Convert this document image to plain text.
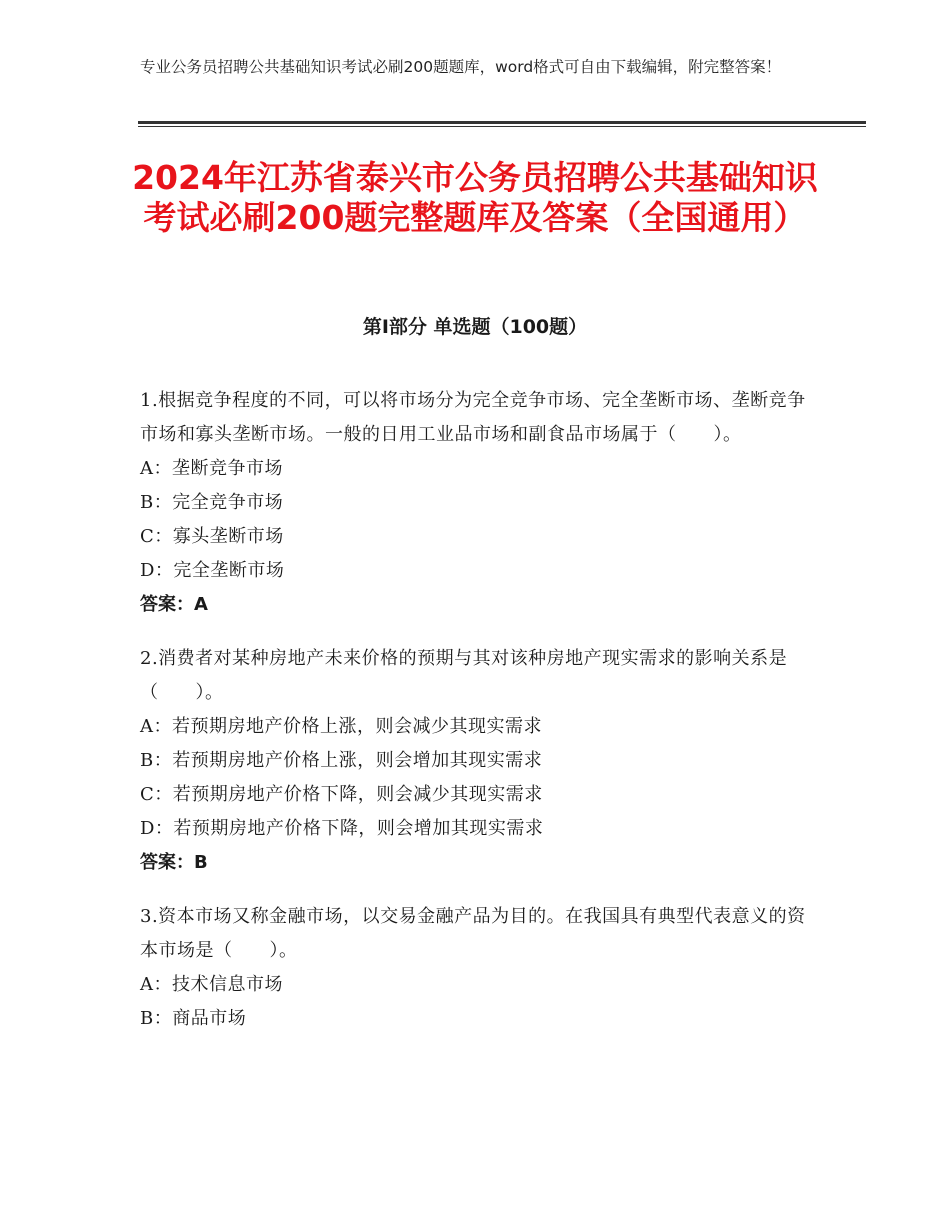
专业公务员招聘公共基础知识考试必刷200题题库，word格式可自由下载编辑，附完整答案！
2024年江苏省泰兴市公务员招聘公共基础知识考试必刷200题完整题库及答案（全国通用）
第Ⅰ部分 单选题（100题）

1.根据竞争程度的不同，可以将市场分为完全竞争市场、完全垄断市场、垄断竞争市场和寡头垄断市场。一般的日用工业品市场和副食品市场属于（　　）。

A：垄断竞争市场

B：完全竞争市场

C：寡头垄断市场

D：完全垄断市场

答案：A

2.消费者对某种房地产未来价格的预期与其对该种房地产现实需求的影响关系是（　　）。

A：若预期房地产价格上涨，则会减少其现实需求

B：若预期房地产价格上涨，则会增加其现实需求

C：若预期房地产价格下降，则会减少其现实需求

D：若预期房地产价格下降，则会增加其现实需求

答案：B

3.资本市场又称金融市场，以交易金融产品为目的。在我国具有典型代表意义的资本市场是（　　）。

A：技术信息市场

B：商品市场
